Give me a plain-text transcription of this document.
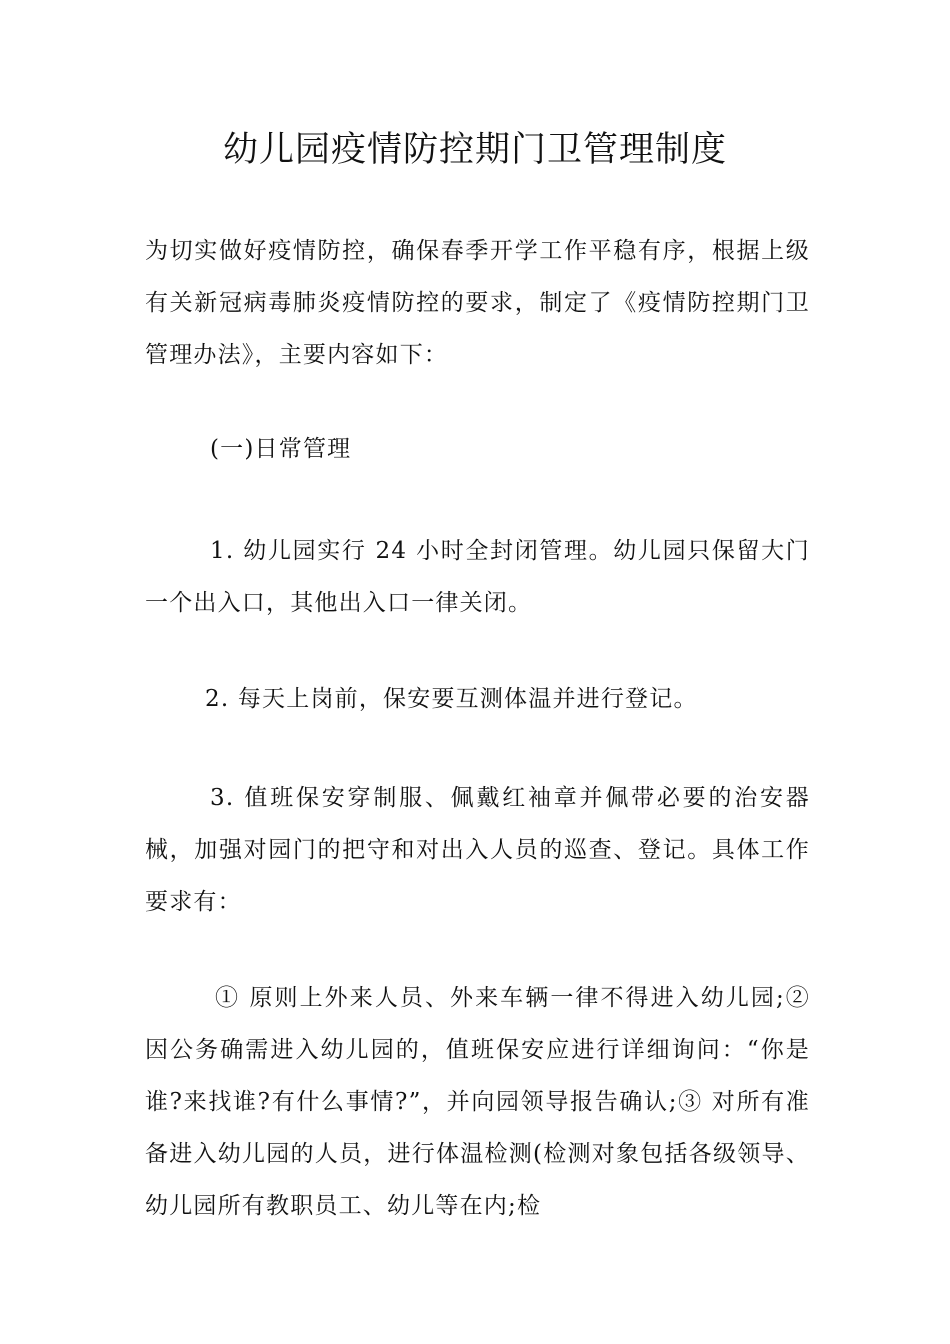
幼儿园疫情防控期门卫管理制度

为切实做好疫情防控，确保春季开学工作平稳有序，根据上级有关新冠病毒肺炎疫情防控的要求，制定了《疫情防控期门卫管理办法》，主要内容如下：

(一)日常管理

1. 幼儿园实行 24 小时全封闭管理。幼儿园只保留大门一个出入口，其他出入口一律关闭。

2. 每天上岗前，保安要互测体温并进行登记。

3. 值班保安穿制服、佩戴红袖章并佩带必要的治安器械，加强对园门的把守和对出入人员的巡查、登记。具体工作要求有：

① 原则上外来人员、外来车辆一律不得进入幼儿园;② 因公务确需进入幼儿园的，值班保安应进行详细询问：“你是谁?来找谁?有什么事情?”，并向园领导报告确认;③ 对所有准备进入幼儿园的人员，进行体温检测(检测对象包括各级领导、幼儿园所有教职员工、幼儿等在内;检
